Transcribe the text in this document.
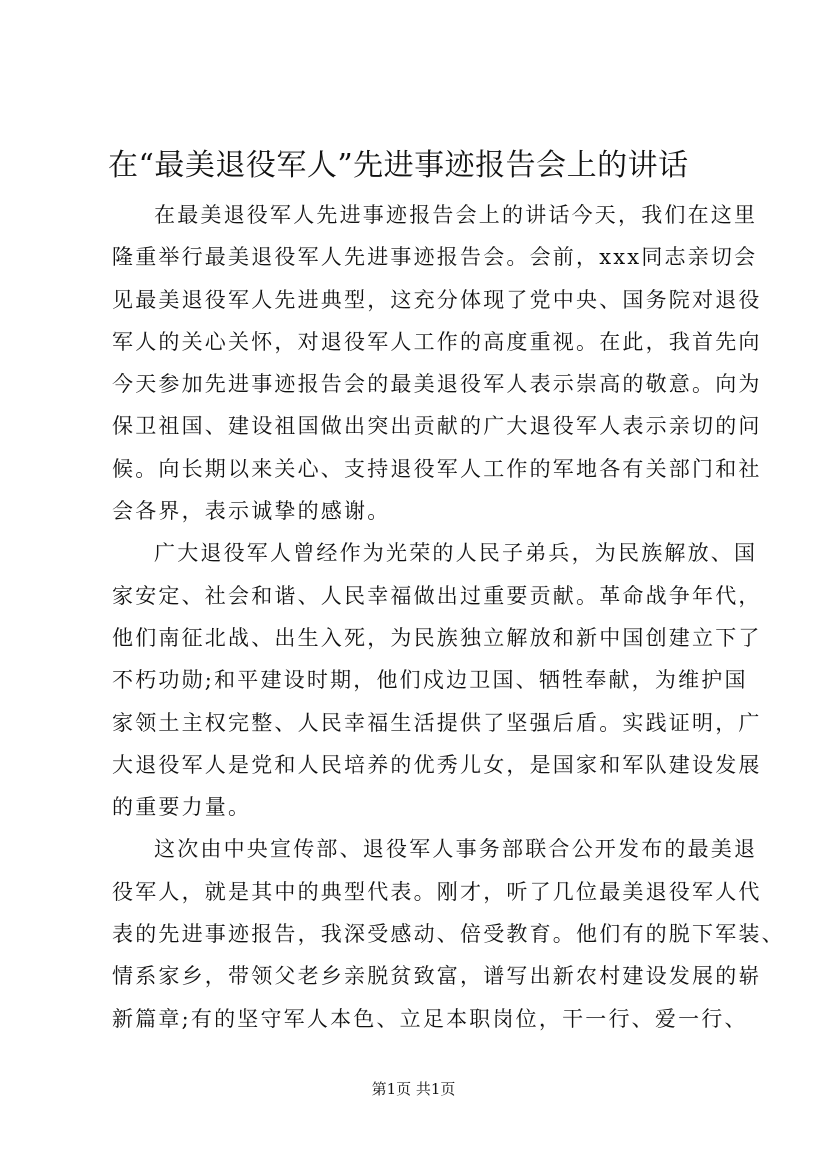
在“最美退役军人”先进事迹报告会上的讲话
在最美退役军人先进事迹报告会上的讲话今天，我们在这里
隆重举行最美退役军人先进事迹报告会。会前，xxx同志亲切会
见最美退役军人先进典型，这充分体现了党中央、国务院对退役
军人的关心关怀，对退役军人工作的高度重视。在此，我首先向
今天参加先进事迹报告会的最美退役军人表示崇高的敬意。向为
保卫祖国、建设祖国做出突出贡献的广大退役军人表示亲切的问
候。向长期以来关心、支持退役军人工作的军地各有关部门和社
会各界，表示诚挚的感谢。
广大退役军人曾经作为光荣的人民子弟兵，为民族解放、国
家安定、社会和谐、人民幸福做出过重要贡献。革命战争年代，
他们南征北战、出生入死，为民族独立解放和新中国创建立下了
不朽功勋;和平建设时期，他们戍边卫国、牺牲奉献，为维护国
家领土主权完整、人民幸福生活提供了坚强后盾。实践证明，广
大退役军人是党和人民培养的优秀儿女，是国家和军队建设发展
的重要力量。
这次由中央宣传部、退役军人事务部联合公开发布的最美退
役军人，就是其中的典型代表。刚才，听了几位最美退役军人代
表的先进事迹报告，我深受感动、倍受教育。他们有的脱下军装、
情系家乡，带领父老乡亲脱贫致富，谱写出新农村建设发展的崭
新篇章;有的坚守军人本色、立足本职岗位，干一行、爱一行、
第1页 共1页
